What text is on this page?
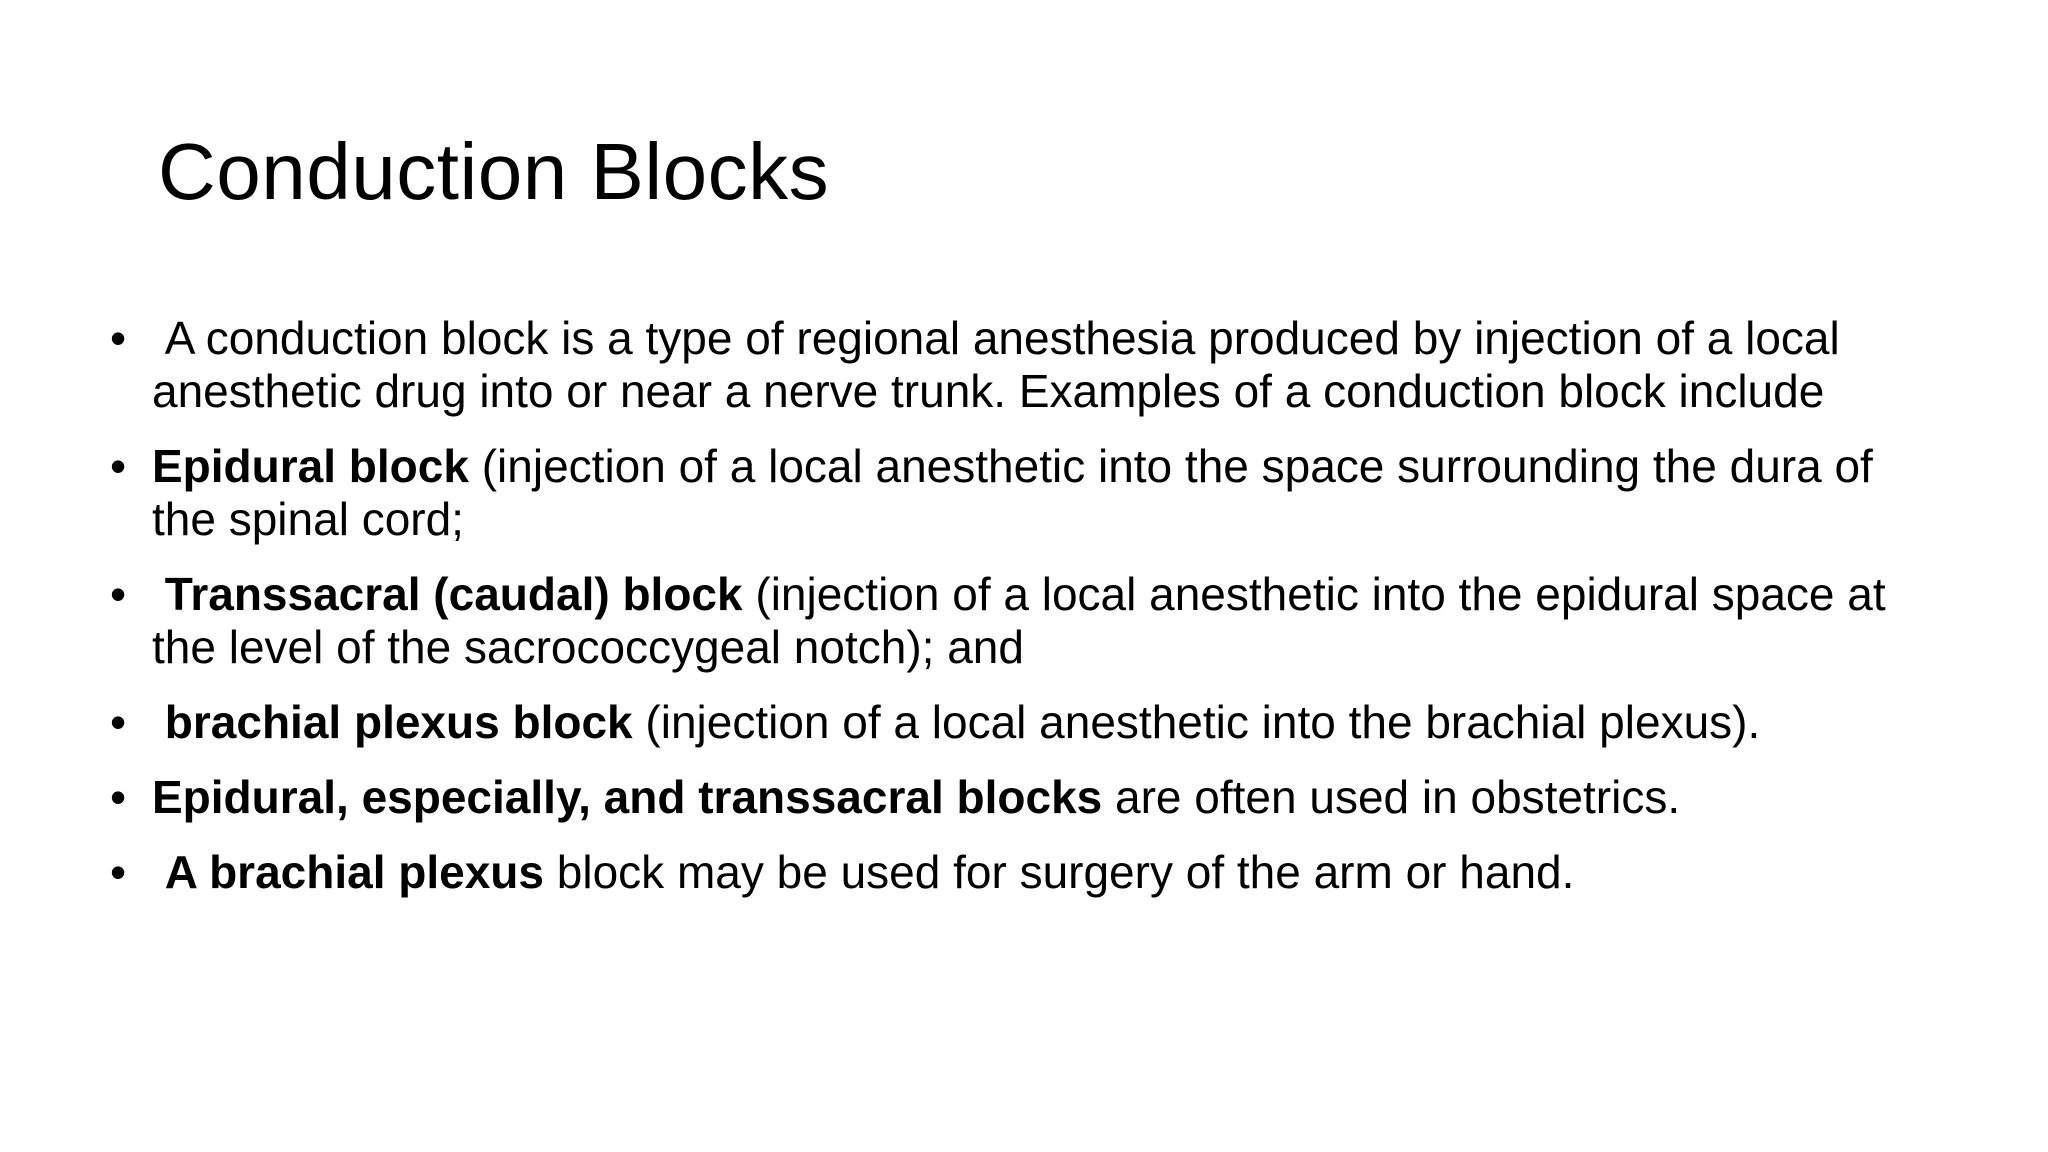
Conduction Blocks
• A conduction block is a type of regional anesthesia produced by injection of a local anesthetic drug into or near a nerve trunk. Examples of a conduction block include
• Epidural block (injection of a local anesthetic into the space surrounding the dura of the spinal cord;
• Transsacral (caudal) block (injection of a local anesthetic into the epidural space at the level of the sacrococcygeal notch); and
• brachial plexus block (injection of a local anesthetic into the brachial plexus).
• Epidural, especially, and transsacral blocks are often used in obstetrics.
• A brachial plexus block may be used for surgery of the arm or hand.
